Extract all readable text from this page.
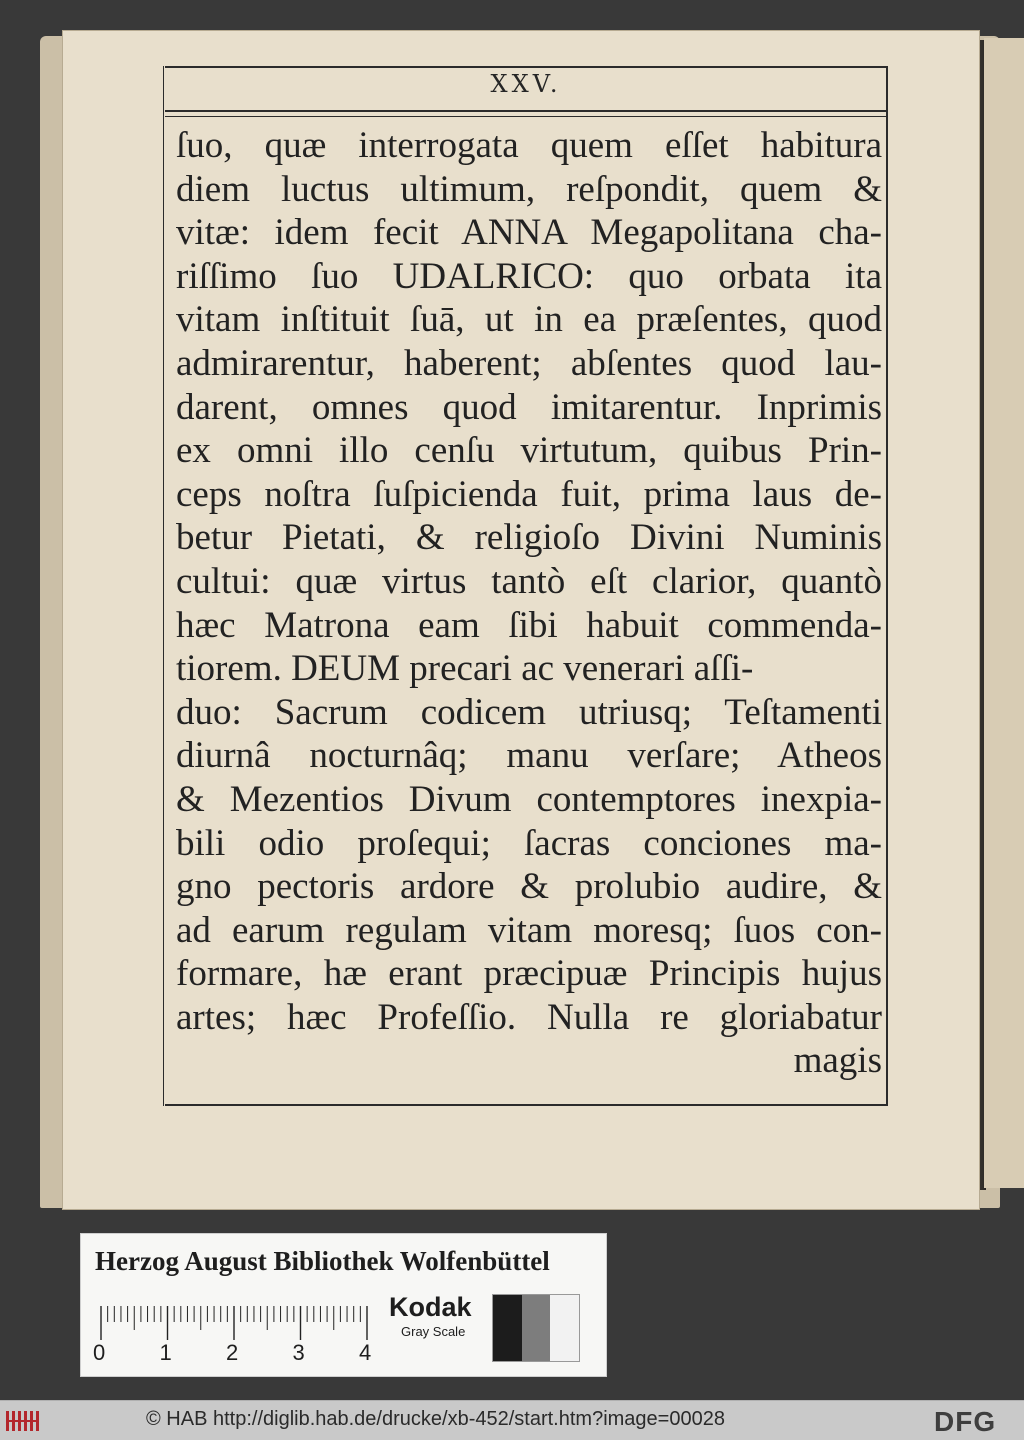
XXV.
ſuo, quæ interrogata quem eſſet habitura
diem luctus ultimum, reſpondit, quem &
vitæ: idem fecit ANNA Megapolitana cha-
riſſimo ſuo UDALRICO: quo orbata ita
vitam inſtituit ſuā, ut in ea præſentes, quod
admirarentur, haberent; abſentes quod lau-
darent, omnes quod imitarentur. Inprimis
ex omni illo cenſu virtutum, quibus Prin-
ceps noſtra ſuſpicienda fuit, prima laus de-
betur Pietati, & religioſo Divini Numinis
cultui: quæ virtus tantò eſt clarior, quantò
hæc Matrona eam ſibi habuit commenda-
tiorem. DEUM precari ac venerari aſſi-
duo: Sacrum codicem utriusq; Teſtamenti
diurnâ nocturnâq; manu verſare; Atheos
& Mezentios Divum contemptores inexpia-
bili odio proſequi; ſacras conciones ma-
gno pectoris ardore & prolubio audire, &
ad earum regulam vitam moresq; ſuos con-
formare, hæ erant præcipuæ Principis hujus
artes; hæc Profeſſio. Nulla re gloriabatur
magis
Herzog August Bibliothek Wolfenbüttel
0 1 2 3 4
Kodak
Gray Scale
© HAB http://diglib.hab.de/drucke/xb-452/start.htm?image=00028	DFG
